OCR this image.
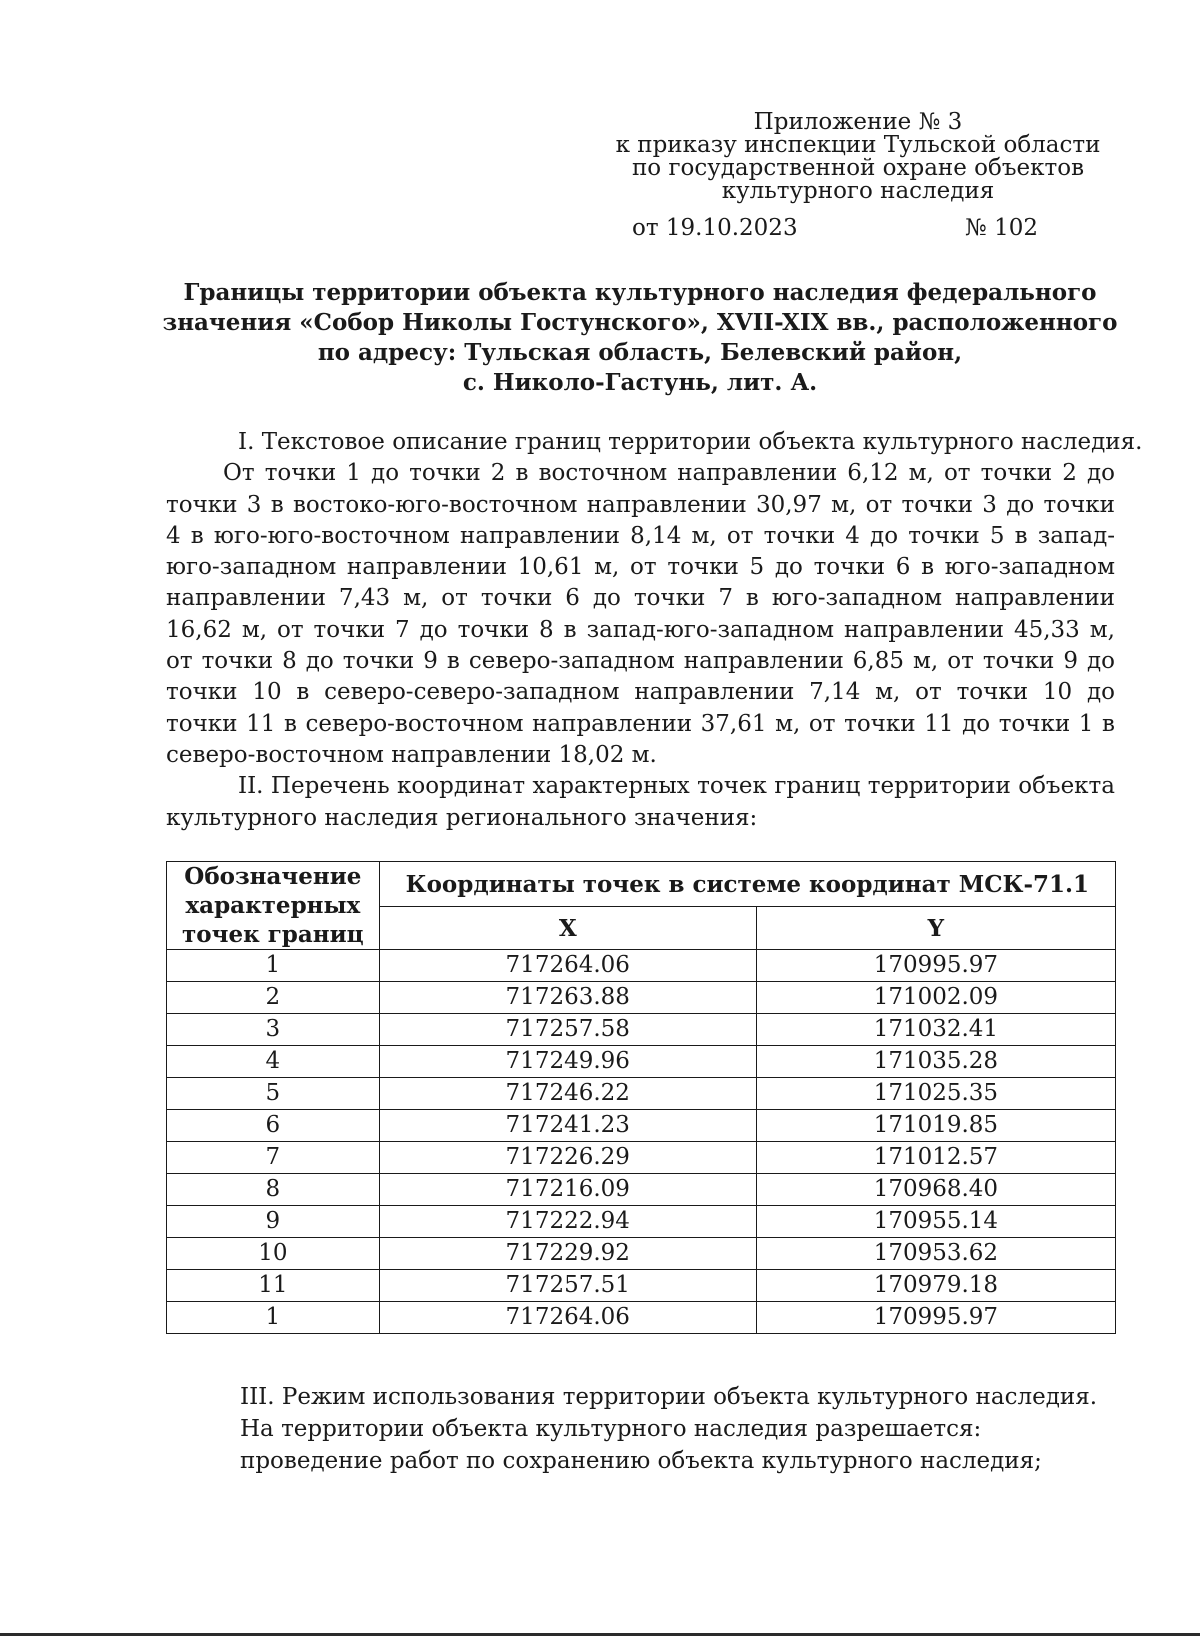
Приложение № 3
к приказу инспекции Тульской области
по государственной охране объектов
культурного наследия
от 19.10.2023	№ 102
Границы территории объекта культурного наследия федерального
значения «Собор Николы Гостунского», XVII-XIX вв., расположенного
по адресу: Тульская область, Белевский район,
с. Николо-Гастунь, лит. А.
I. Текстовое описание границ территории объекта культурного наследия.
От точки 1 до точки 2 в восточном направлении 6,12 м, от точки 2 до точки 3 в востоко-юго-восточном направлении 30,97 м, от точки 3 до точки 4 в юго-юго-восточном направлении 8,14 м, от точки 4 до точки 5 в запад-юго-западном направлении 10,61 м, от точки 5 до точки 6 в юго-западном направлении 7,43 м, от точки 6 до точки 7 в юго-западном направлении 16,62 м, от точки 7 до точки 8 в запад-юго-западном направлении 45,33 м, от точки 8 до точки 9 в северо-западном направлении 6,85 м, от точки 9 до точки 10 в северо-северо-западном направлении 7,14 м, от точки 10 до точки 11 в северо-восточном направлении 37,61 м, от точки 11 до точки 1 в северо-восточном направлении 18,02 м.
II. Перечень координат характерных точек границ территории объекта культурного наследия регионального значения:
Обозначение характерных точек границ	Координаты точек в системе координат МСК-71.1	
	X	Y
1	717264.06	170995.97
2	717263.88	171002.09
3	717257.58	171032.41
4	717249.96	171035.28
5	717246.22	171025.35
6	717241.23	171019.85
7	717226.29	171012.57
8	717216.09	170968.40
9	717222.94	170955.14
10	717229.92	170953.62
11	717257.51	170979.18
1	717264.06	170995.97
III. Режим использования территории объекта культурного наследия.
На территории объекта культурного наследия разрешается:
проведение работ по сохранению объекта культурного наследия;
